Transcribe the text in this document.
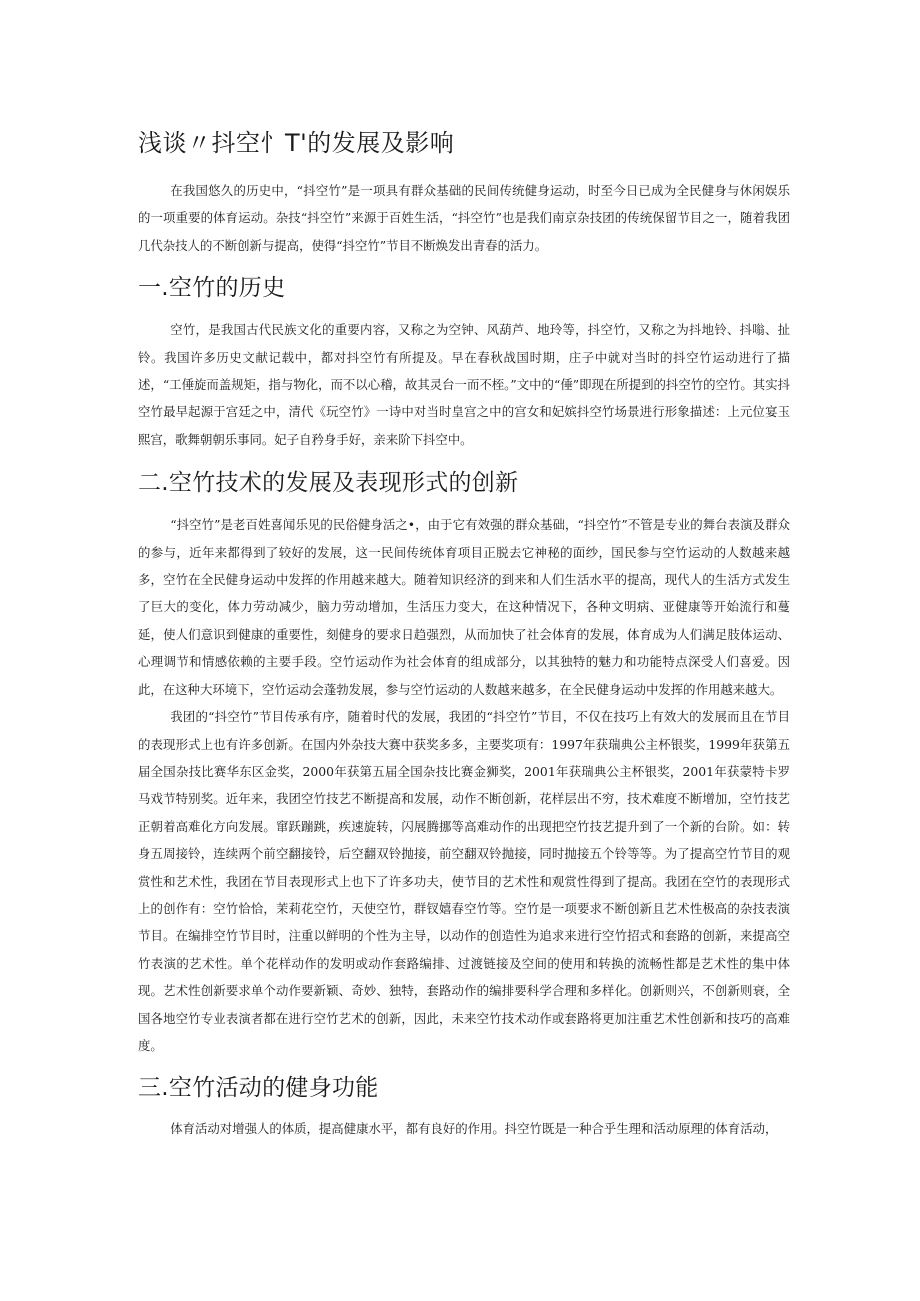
浅谈〃抖空忄T'的发展及影响

在我国悠久的历史中，“抖空竹”是一项具有群众基础的民间传统健身运动，时至今日已成为全民健身与休闲娱乐的一项重要的体育运动。杂技“抖空竹”来源于百姓生活，“抖空竹”也是我们南京杂技团的传统保留节目之一，随着我团几代杂技人的不断创新与提高，使得“抖空竹”节目不断焕发出青春的活力。

一.空竹的历史

空竹，是我国古代民族文化的重要内容，又称之为空钟、风葫芦、地玲等，抖空竹，又称之为抖地铃、抖嗡、扯铃。我国许多历史文献记载中，都对抖空竹有所提及。早在春秋战国时期，庄子中就对当时的抖空竹运动进行了描述，“工倕旋而盖规矩，指与物化，而不以心稽，故其灵台一而不桎。”文中的“倕”即现在所提到的抖空竹的空竹。其实抖空竹最早起源于宫廷之中，清代《玩空竹》一诗中对当时皇宫之中的宫女和妃嫔抖空竹场景进行形象描述：上元位宴玉熙宫，歌舞朝朝乐事同。妃子自矜身手好，亲来阶下抖空中。

二.空竹技术的发展及表现形式的创新

“抖空竹”是老百姓喜闻乐见的民俗健身活之•，由于它有效强的群众基础，“抖空竹”不管是专业的舞台表演及群众的参与，近年来都得到了较好的发展，这一民间传统体育项目正脱去它神秘的面纱，国民参与空竹运动的人数越来越多，空竹在全民健身运动中发挥的作用越来越大。随着知识经济的到来和人们生活水平的提高，现代人的生活方式发生了巨大的变化，体力劳动减少，脑力劳动增加，生活压力变大，在这种情况下，各种文明病、亚健康等开始流行和蔓延，使人们意识到健康的重要性，刻健身的要求日趋强烈，从而加快了社会体育的发展，体育成为人们满足肢体运动、心理调节和情感依赖的主要手段。空竹运动作为社会体育的组成部分，以其独特的魅力和功能特点深受人们喜爱。因此，在这种大环境下，空竹运动会蓬勃发展，参与空竹运动的人数越来越多，在全民健身运动中发挥的作用越来越大。

我团的“抖空竹”节目传承有序，随着时代的发展，我团的“抖空竹”节目，不仅在技巧上有效大的发展而且在节目的表现形式上也有许多创新。在国内外杂技大赛中获奖多多，主要奖项有：1997年获瑞典公主杯银奖，1999年获第五届全国杂技比赛华东区金奖，2000年获第五届全国杂技比赛金狮奖，2001年获瑞典公主杯银奖，2001年获蒙特卡罗马戏节特别奖。近年来，我团空竹技艺不断提高和发展，动作不断创新，花样层出不穷，技术难度不断增加，空竹技艺正朝着高难化方向发展。窜跃蹦跳，疾速旋转，闪展腾挪等高难动作的出现把空竹技艺提升到了一个新的台阶。如：转身五周接铃，连续两个前空翻接铃，后空翻双铃抛接，前空翻双铃抛接，同时抛接五个铃等等。为了提高空竹节目的观赏性和艺术性，我团在节目表现形式上也下了许多功夫，使节目的艺术性和观赏性得到了提高。我团在空竹的表现形式上的创作有：空竹恰恰，茉莉花空竹，天使空竹，群钗嬉春空竹等。空竹是一项要求不断创新且艺术性极高的杂技表演节目。在编排空竹节目时，注重以鲜明的个性为主导，以动作的创造性为追求来进行空竹招式和套路的创新，来提高空竹表演的艺术性。单个花样动作的发明或动作套路编排、过渡链接及空间的使用和转换的流畅性都是艺术性的集中体现。艺术性创新要求单个动作要新颖、奇妙、独特，套路动作的编排要科学合理和多样化。创新则兴，不创新则衰，全国各地空竹专业表演者都在进行空竹艺术的创新，因此，未来空竹技术动作或套路将更加注重艺术性创新和技巧的高难度。

三.空竹活动的健身功能

体育活动对增强人的体质，提高健康水平，都有良好的作用。抖空竹既是一种合乎生理和活动原理的体育活动，
